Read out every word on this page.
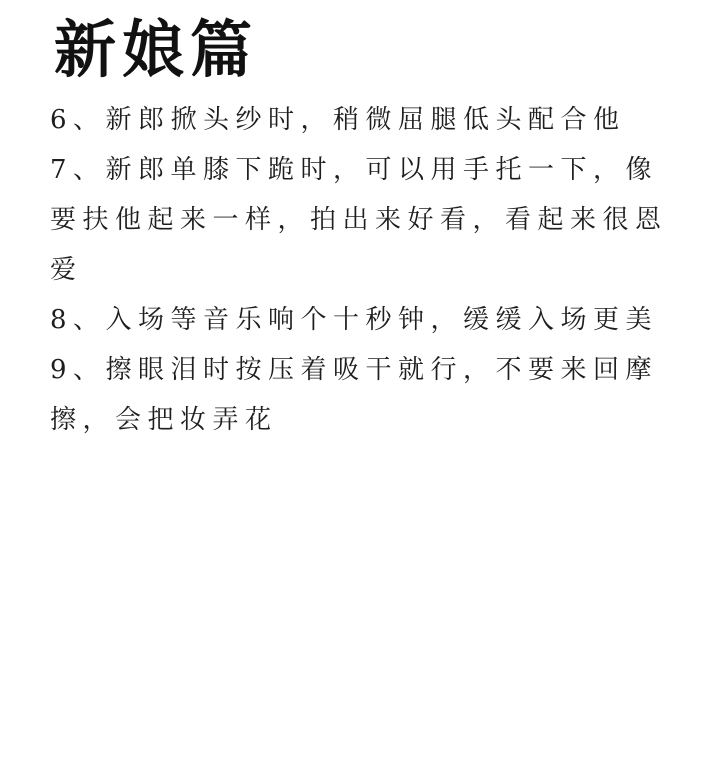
新娘篇

6、新郎掀头纱时，稍微屈腿低头配合他

7、新郎单膝下跪时，可以用手托一下，像要扶他起来一样，拍出来好看，看起来很恩爱

8、入场等音乐响个十秒钟，缓缓入场更美

9、擦眼泪时按压着吸干就行，不要来回摩擦，会把妆弄花
